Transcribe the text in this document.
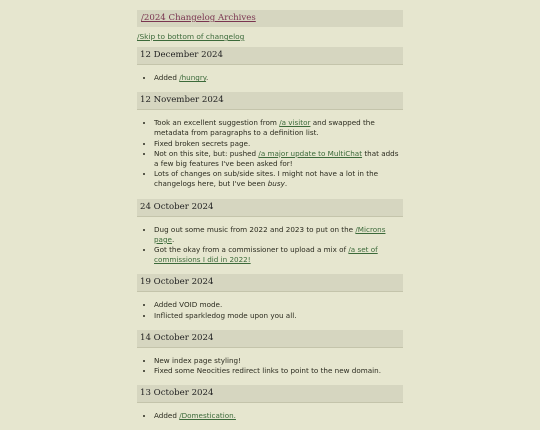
/2024 Changelog Archives
/Skip to bottom of changelog
12 December 2024
• Added /hungry.
12 November 2024
• Took an excellent suggestion from /a visitor and swapped the metadata from paragraphs to a definition list.
• Fixed broken secrets page.
• Not on this site, but: pushed /a major update to MultiChat that adds a few big features I've been asked for!
• Lots of changes on sub/side sites. I might not have a lot in the changelogs here, but I've been busy.
24 October 2024
• Dug out some music from 2022 and 2023 to put on the /Microns page.
• Got the okay from a commissioner to upload a mix of /a set of commissions I did in 2022!
19 October 2024
• Added VOID mode.
• Inflicted sparkledog mode upon you all.
14 October 2024
• New index page styling!
• Fixed some Neocities redirect links to point to the new domain.
13 October 2024
• Added /Domestication.
